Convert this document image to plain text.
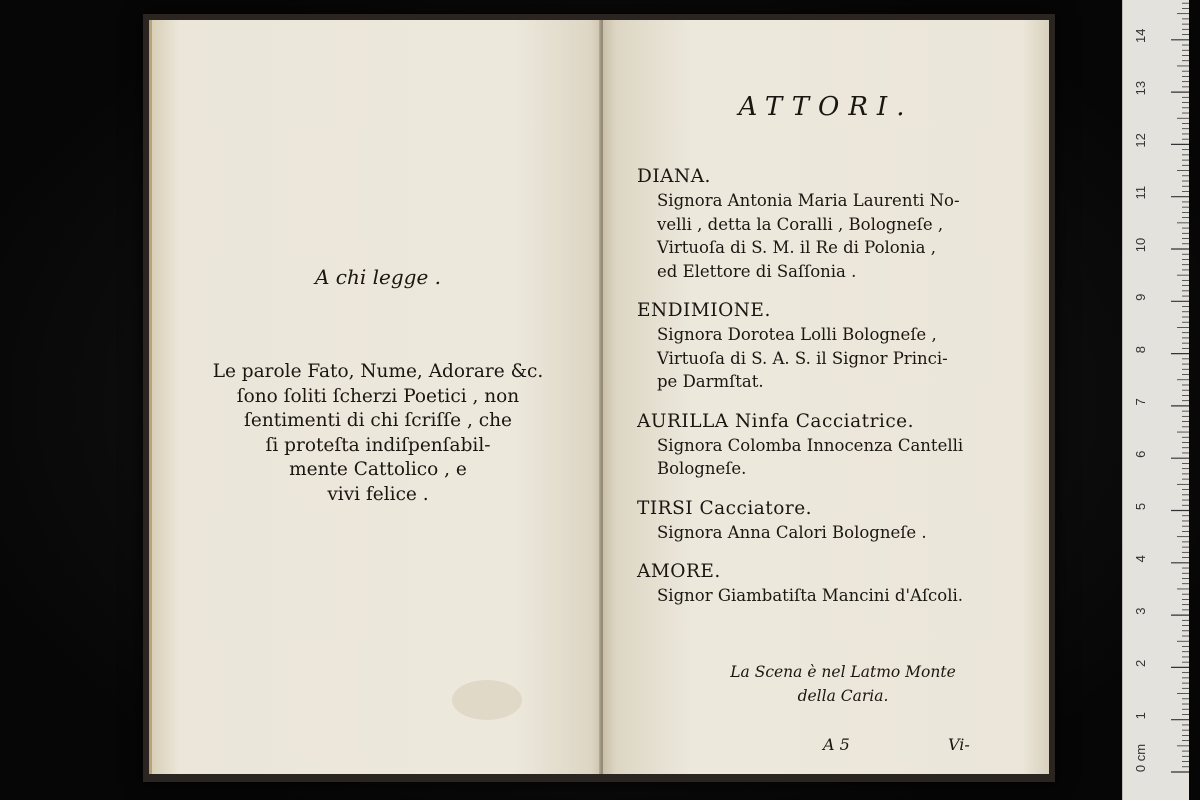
A chi legge .
Le parole Fato, Nume, Adorare &c.
ſono ſoliti ſcherzi Poetici , non
ſentimenti di chi ſcriſſe , che
ſi proteſta indiſpenſabil-
mente Cattolico , e
vivi felice .
ATTORI.
DIANA.
Signora Antonia Maria Laurenti No-
velli , detta la Coralli , Bologneſe ,
Virtuoſa di S. M. il Re di Polonia ,
ed Elettore di Saſſonia .
ENDIMIONE.
Signora Dorotea Lolli Bologneſe ,
Virtuoſa di S. A. S. il Signor Princi-
pe Darmſtat.
AURILLA Ninfa Cacciatrice.
Signora Colomba Innocenza Cantelli
Bologneſe.
TIRSI Cacciatore.
Signora Anna Calori Bologneſe .
AMORE.
Signor Giambatiſta Mancini d'Aſcoli.
La Scena è nel Latmo Monte
della Caria.
A 5	Vi-	0 cm
1
2
3
4
5
6
7
8
9
10
11
12
13
14
